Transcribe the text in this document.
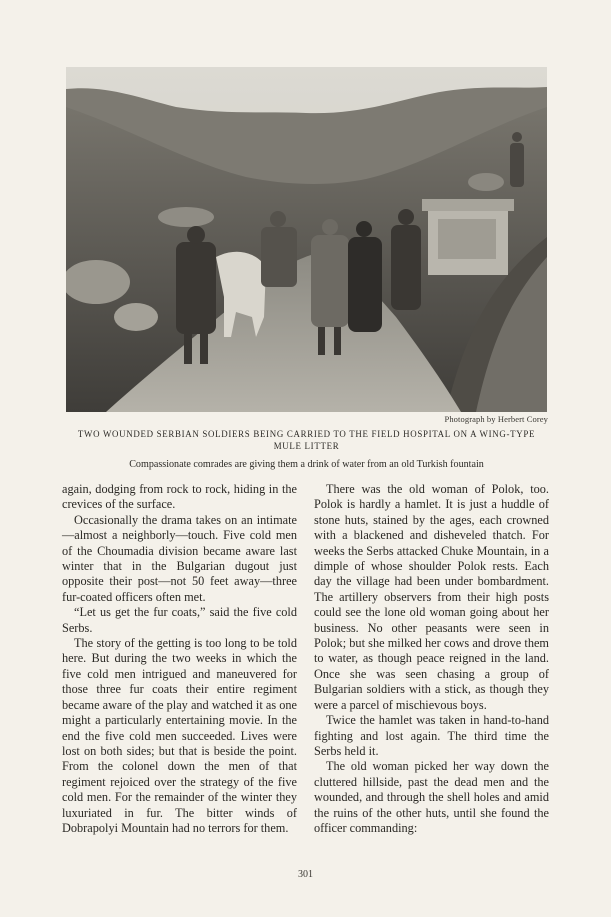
Photograph by Herbert Corey
TWO WOUNDED SERBIAN SOLDIERS BEING CARRIED TO THE FIELD HOSPITAL ON A WING-TYPE MULE LITTER
Compassionate comrades are giving them a drink of water from an old Turkish fountain

again, dodging from rock to rock, hiding in the crevices of the surface.

Occasionally the drama takes on an intimate—almost a neighborly—touch. Five cold men of the Choumadia division became aware last winter that in the Bulgarian dugout just opposite their post—not 50 feet away—three fur-coated officers often met.

“Let us get the fur coats,” said the five cold Serbs.

The story of the getting is too long to be told here. But during the two weeks in which the five cold men intrigued and maneuvered for those three fur coats their entire regiment became aware of the play and watched it as one might a particularly entertaining movie. In the end the five cold men succeeded. Lives were lost on both sides; but that is beside the point. From the colonel down the men of that regiment rejoiced over the strategy of the five cold men. For the remainder of the winter they luxuriated in fur. The bitter winds of Dobrapolyi Mountain had no terrors for them.

There was the old woman of Polok, too. Polok is hardly a hamlet. It is just a huddle of stone huts, stained by the ages, each crowned with a blackened and disheveled thatch. For weeks the Serbs attacked Chuke Mountain, in a dimple of whose shoulder Polok rests. Each day the village had been under bombardment. The artillery observers from their high posts could see the lone old woman going about her business. No other peasants were seen in Polok; but she milked her cows and drove them to water, as though peace reigned in the land. Once she was seen chasing a group of Bulgarian soldiers with a stick, as though they were a parcel of mischievous boys.

Twice the hamlet was taken in hand-to-hand fighting and lost again. The third time the Serbs held it.

The old woman picked her way down the cluttered hillside, past the dead men and the wounded, and through the shell holes and amid the ruins of the other huts, until she found the officer commanding:

301
